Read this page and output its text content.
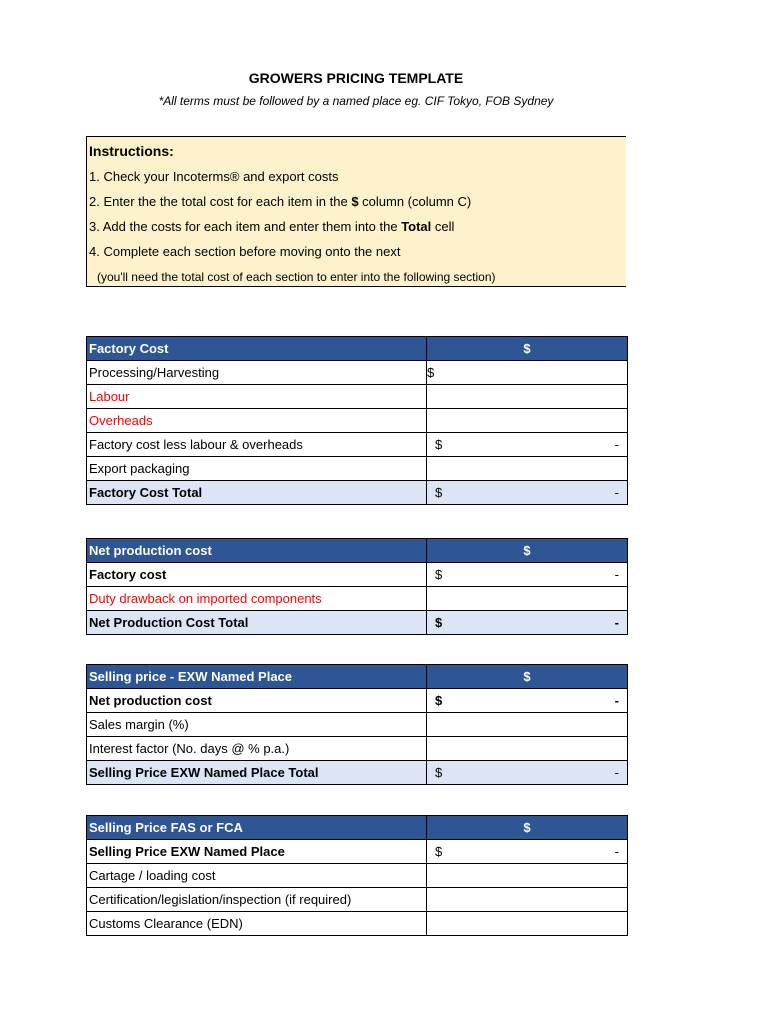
GROWERS PRICING TEMPLATE
*All terms must be followed by a named place eg. CIF Tokyo, FOB Sydney
Instructions:
1. Check your Incoterms® and export costs
2. Enter the the total cost for each item in the $ column (column C)
3. Add the costs for each item and enter them into the Total cell
4. Complete each section before moving onto the next
(you'll need the total cost of each section to enter into the following section)
Factory Cost	$
Processing/Harvesting	$

Labour	
Overheads	
Factory cost less labour & overheads	$ -

Export packaging	
Factory Cost Total	$ -
Net production cost	$
Factory cost	$ -

Duty drawback on imported components	
Net Production Cost Total	$ -
Selling price - EXW Named Place	$
Net production cost	$ -

Sales margin (%)	
Interest factor (No. days @ % p.a.)	
Selling Price EXW Named Place Total	$ -
Selling Price FAS or FCA	$
Selling Price EXW Named Place	$ -

Cartage / loading cost	
Certification/legislation/inspection (if required)	
Customs Clearance (EDN)	
